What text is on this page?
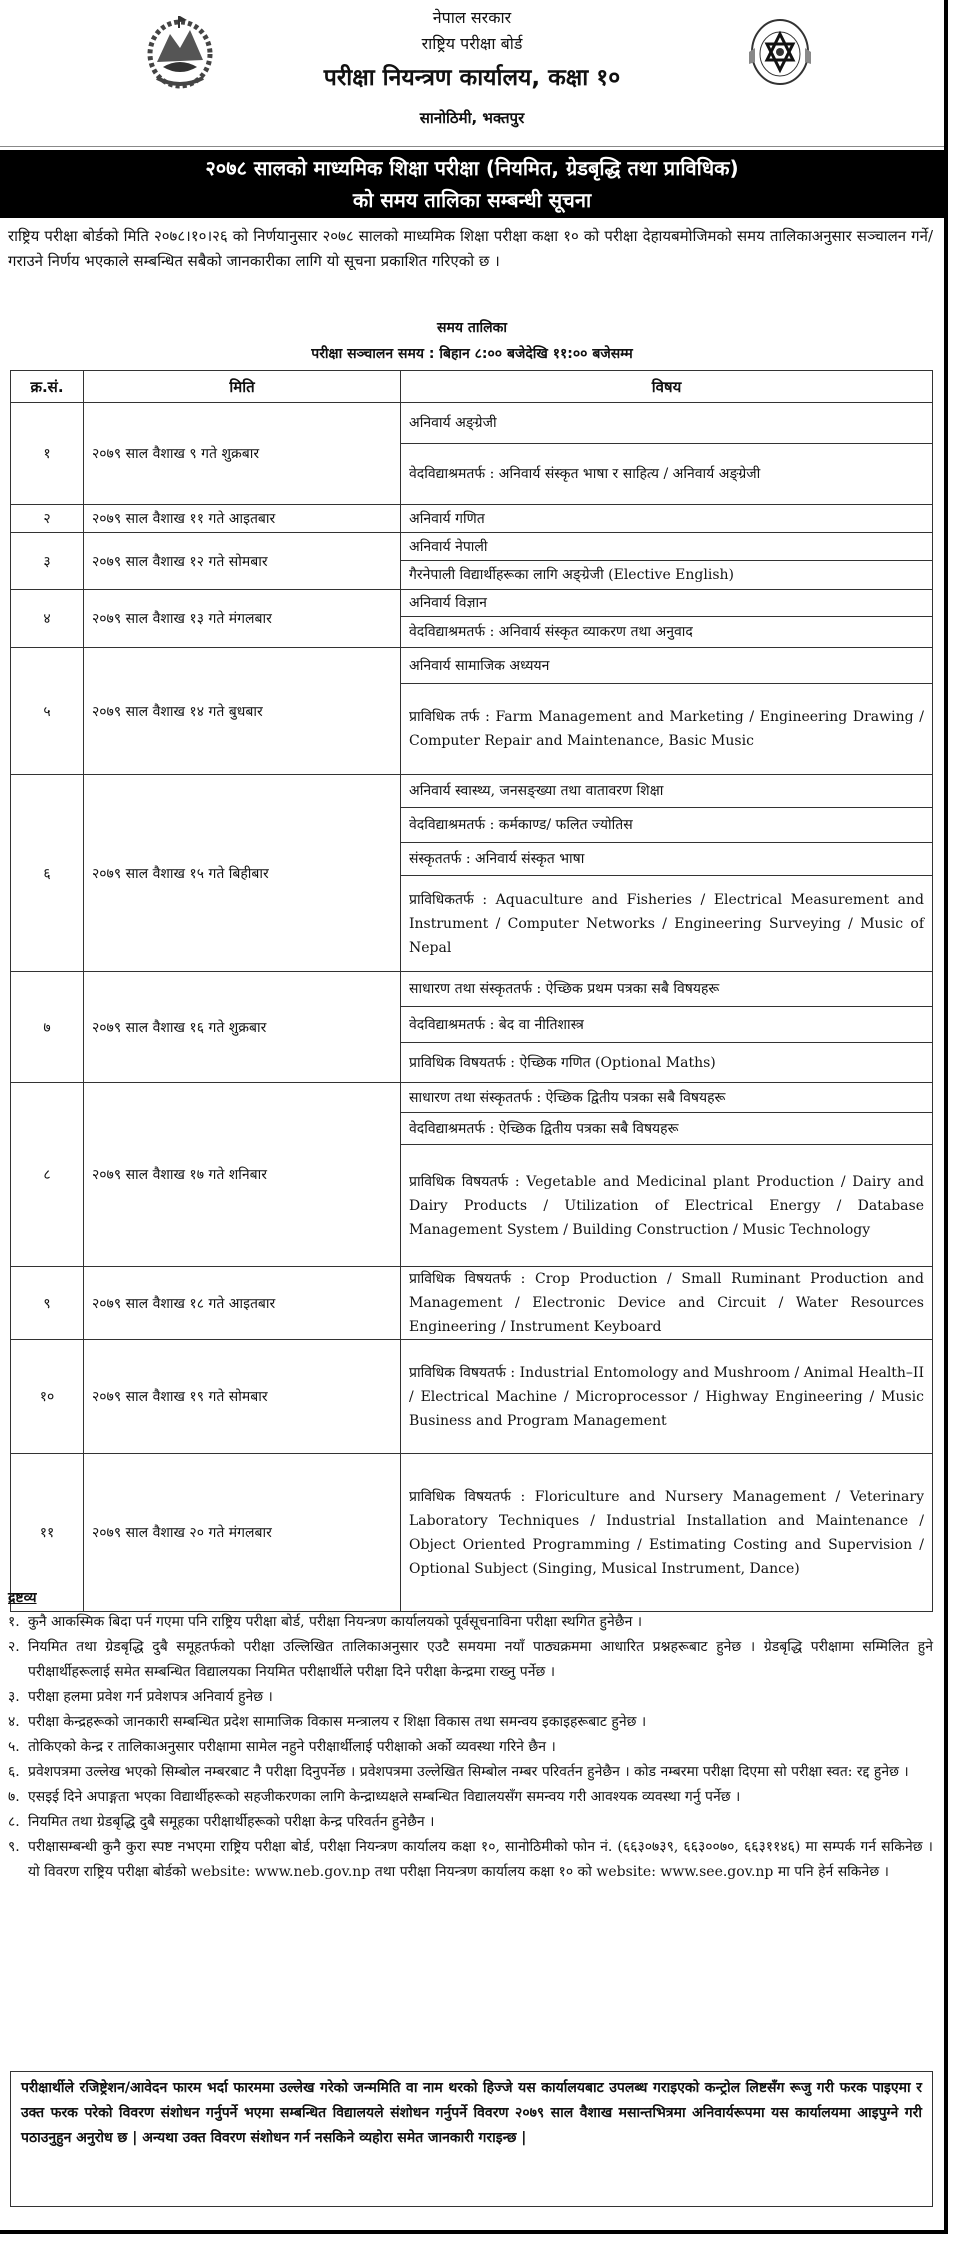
नेपाल सरकार
राष्ट्रिय परीक्षा बोर्ड
परीक्षा नियन्त्रण कार्यालय, कक्षा १०
सानोठिमी, भक्तपुर
२०७८ सालको माध्यमिक शिक्षा परीक्षा (नियमित, ग्रेडबृद्धि तथा प्राविधिक)
को समय तालिका सम्बन्धी सूचना
राष्ट्रिय परीक्षा बोर्डको मिति २०७८।१०।२६ को निर्णयानुसार २०७८ सालको माध्यमिक शिक्षा परीक्षा कक्षा १० को परीक्षा देहायबमोजिमको समय तालिकाअनुसार सञ्चालन गर्ने/गराउने निर्णय भएकाले सम्बन्धित सबैको जानकारीका लागि यो सूचना प्रकाशित गरिएको छ ।
समय तालिका
परीक्षा सञ्चालन समय : बिहान ८:०० बजेदेखि ११:०० बजेसम्म
क्र.सं.	मिति	विषय
१	२०७९ साल वैशाख ९ गते शुक्रबार	अनिवार्य अङ्ग्रेजी
वेदविद्याश्रमतर्फ : अनिवार्य संस्कृत भाषा र साहित्य / अनिवार्य अङ्ग्रेजी
२	२०७९ साल वैशाख ११ गते आइतबार	अनिवार्य गणित
३	२०७९ साल वैशाख १२ गते सोमबार	अनिवार्य नेपाली
गैरनेपाली विद्यार्थीहरूका लागि अङ्ग्रेजी (Elective English)
४	२०७९ साल वैशाख १३ गते मंगलबार	अनिवार्य विज्ञान
वेदविद्याश्रमतर्फ : अनिवार्य संस्कृत व्याकरण तथा अनुवाद
५	२०७९ साल वैशाख १४ गते बुधबार	अनिवार्य सामाजिक अध्ययन
प्राविधिक तर्फ : Farm Management and Marketing / Engineering Drawing / Computer Repair and Maintenance, Basic Music
६	२०७९ साल वैशाख १५ गते बिहीबार	अनिवार्य स्वास्थ्य, जनसङ्ख्या तथा वातावरण शिक्षा
वेदविद्याश्रमतर्फ : कर्मकाण्ड/ फलित ज्योतिस
संस्कृततर्फ : अनिवार्य संस्कृत भाषा
प्राविधिकतर्फ : Aquaculture and Fisheries / Electrical Measurement and Instrument / Computer Networks / Engineering Surveying / Music of Nepal
७	२०७९ साल वैशाख १६ गते शुक्रबार	साधारण तथा संस्कृततर्फ : ऐच्छिक प्रथम पत्रका सबै विषयहरू
वेदविद्याश्रमतर्फ : बेद वा नीतिशास्त्र
प्राविधिक विषयतर्फ : ऐच्छिक गणित (Optional Maths)
८	२०७९ साल वैशाख १७ गते शनिबार	साधारण तथा संस्कृततर्फ : ऐच्छिक द्वितीय पत्रका सबै विषयहरू
वेदविद्याश्रमतर्फ : ऐच्छिक द्वितीय पत्रका सबै विषयहरू
प्राविधिक विषयतर्फ : Vegetable and Medicinal plant Production / Dairy and Dairy Products / Utilization of Electrical Energy / Database Management System / Building Construction / Music Technology
९	२०७९ साल वैशाख १८ गते आइतबार	प्राविधिक विषयतर्फ : Crop Production / Small Ruminant Production and Management / Electronic Device and Circuit / Water Resources Engineering / Instrument Keyboard
१०	२०७९ साल वैशाख १९ गते सोमबार	प्राविधिक विषयतर्फ : Industrial Entomology and Mushroom / Animal Health–II / Electrical Machine / Microprocessor / Highway Engineering / Music Business and Program Management
११	२०७९ साल वैशाख २० गते मंगलबार	प्राविधिक विषयतर्फ : Floriculture and Nursery Management / Veterinary Laboratory Techniques / Industrial Installation and Maintenance / Object Oriented Programming / Estimating Costing and Supervision / Optional Subject (Singing, Musical Instrument, Dance)
द्रष्टव्य
१. कुनै आकस्मिक बिदा पर्न गएमा पनि राष्ट्रिय परीक्षा बोर्ड, परीक्षा नियन्त्रण कार्यालयको पूर्वसूचनाविना परीक्षा स्थगित हुनेछैन ।
२. नियमित तथा ग्रेडबृद्धि दुबै समूहतर्फको परीक्षा उल्लिखित तालिकाअनुसार एउटै समयमा नयाँ पाठ्यक्रममा आधारित प्रश्नहरूबाट हुनेछ । ग्रेडबृद्धि परीक्षामा सम्मिलित हुने परीक्षार्थीहरूलाई समेत सम्बन्धित विद्यालयका नियमित परीक्षार्थीले परीक्षा दिने परीक्षा केन्द्रमा राख्नु पर्नेछ ।
३. परीक्षा हलमा प्रवेश गर्न प्रवेशपत्र अनिवार्य हुनेछ ।
४. परीक्षा केन्द्रहरूको जानकारी सम्बन्धित प्रदेश सामाजिक विकास मन्त्रालय र शिक्षा विकास तथा समन्वय इकाइहरूबाट हुनेछ ।
५. तोकिएको केन्द्र र तालिकाअनुसार परीक्षामा सामेल नहुने परीक्षार्थीलाई परीक्षाको अर्को व्यवस्था गरिने छैन ।
६. प्रवेशपत्रमा उल्लेख भएको सिम्बोल नम्बरबाट नै परीक्षा दिनुपर्नेछ । प्रवेशपत्रमा उल्लेखित सिम्बोल नम्बर परिवर्तन हुनेछैन । कोड नम्बरमा परीक्षा दिएमा सो परीक्षा स्वत: रद्द हुनेछ ।
७. एसइई दिने अपाङ्गता भएका विद्यार्थीहरूको सहजीकरणका लागि केन्द्राध्यक्षले सम्बन्धित विद्यालयसँग समन्वय गरी आवश्यक व्यवस्था गर्नु पर्नेछ ।
८. नियमित तथा ग्रेडबृद्धि दुबै समूहका परीक्षार्थीहरूको परीक्षा केन्द्र परिवर्तन हुनेछैन ।
९. परीक्षासम्बन्धी कुनै कुरा स्पष्ट नभएमा राष्ट्रिय परीक्षा बोर्ड, परीक्षा नियन्त्रण कार्यालय कक्षा १०, सानोठिमीको फोन नं. (६६३०७३९, ६६३००७०, ६६३११४६) मा सम्पर्क गर्न सकिनेछ । यो विवरण राष्ट्रिय परीक्षा बोर्डको website: www.neb.gov.np तथा परीक्षा नियन्त्रण कार्यालय कक्षा १० को website: www.see.gov.np मा पनि हेर्न सकिनेछ ।
परीक्षार्थीले रजिष्ट्रेशन/आवेदन फारम भर्दा फारममा उल्लेख गरेको जन्ममिति वा नाम थरको हिज्जे यस कार्यालयबाट उपलब्ध गराइएको कन्ट्रोल लिष्टसँग रूजु गरी फरक पाइएमा र उक्त फरक परेको विवरण संशोधन गर्नुपर्ने भएमा सम्बन्धित विद्यालयले संशोधन गर्नुपर्ने विवरण २०७९ साल वैशाख मसान्तभित्रमा अनिवार्यरूपमा यस कार्यालयमा आइपुग्ने गरी पठाउनुहुन अनुरोध छ | अन्यथा उक्त विवरण संशोधन गर्न नसकिने व्यहोरा समेत जानकारी गराइन्छ |
